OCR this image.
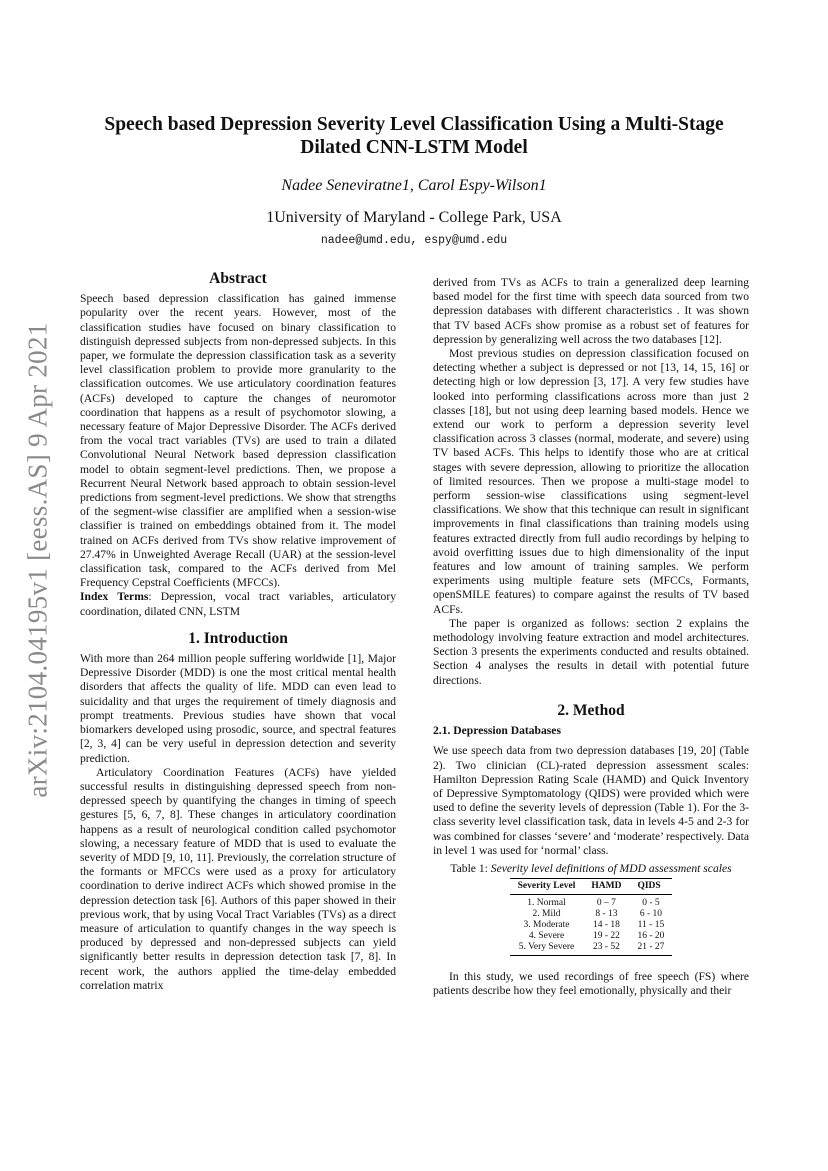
arXiv:2104.04195v1 [eess.AS] 9 Apr 2021
Speech based Depression Severity Level Classification Using a Multi-Stage Dilated CNN-LSTM Model
Nadee Seneviratne1, Carol Espy-Wilson1
1University of Maryland - College Park, USA
nadee@umd.edu, espy@umd.edu

Abstract

Speech based depression classification has gained immense popularity over the recent years. However, most of the classification studies have focused on binary classification to distinguish depressed subjects from non-depressed subjects. In this paper, we formulate the depression classification task as a severity level classification problem to provide more granularity to the classification outcomes. We use articulatory coordination features (ACFs) developed to capture the changes of neuromotor coordination that happens as a result of psychomotor slowing, a necessary feature of Major Depressive Disorder. The ACFs derived from the vocal tract variables (TVs) are used to train a dilated Convolutional Neural Network based depression classification model to obtain segment-level predictions. Then, we propose a Recurrent Neural Network based approach to obtain session-level predictions from segment-level predictions. We show that strengths of the segment-wise classifier are amplified when a session-wise classifier is trained on embeddings obtained from it. The model trained on ACFs derived from TVs show relative improvement of 27.47% in Unweighted Average Recall (UAR) at the session-level classification task, compared to the ACFs derived from Mel Frequency Cepstral Coefficients (MFCCs).

Index Terms: Depression, vocal tract variables, articulatory coordination, dilated CNN, LSTM

1. Introduction

With more than 264 million people suffering worldwide [1], Major Depressive Disorder (MDD) is one the most critical mental health disorders that affects the quality of life. MDD can even lead to suicidality and that urges the requirement of timely diagnosis and prompt treatments. Previous studies have shown that vocal biomarkers developed using prosodic, source, and spectral features [2, 3, 4] can be very useful in depression detection and severity prediction.

Articulatory Coordination Features (ACFs) have yielded successful results in distinguishing depressed speech from non-depressed speech by quantifying the changes in timing of speech gestures [5, 6, 7, 8]. These changes in articulatory coordination happens as a result of neurological condition called psychomotor slowing, a necessary feature of MDD that is used to evaluate the severity of MDD [9, 10, 11]. Previously, the correlation structure of the formants or MFCCs were used as a proxy for articulatory coordination to derive indirect ACFs which showed promise in the depression detection task [6]. Authors of this paper showed in their previous work, that by using Vocal Tract Variables (TVs) as a direct measure of articulation to quantify changes in the way speech is produced by depressed and non-depressed subjects can yield significantly better results in depression detection task [7, 8]. In recent work, the authors applied the time-delay embedded correlation matrix

derived from TVs as ACFs to train a generalized deep learning based model for the first time with speech data sourced from two depression databases with different characteristics . It was shown that TV based ACFs show promise as a robust set of features for depression by generalizing well across the two databases [12].

Most previous studies on depression classification focused on detecting whether a subject is depressed or not [13, 14, 15, 16] or detecting high or low depression [3, 17]. A very few studies have looked into performing classifications across more than just 2 classes [18], but not using deep learning based models. Hence we extend our work to perform a depression severity level classification across 3 classes (normal, moderate, and severe) using TV based ACFs. This helps to identify those who are at critical stages with severe depression, allowing to prioritize the allocation of limited resources. Then we propose a multi-stage model to perform session-wise classifications using segment-level classifications. We show that this technique can result in significant improvements in final classifications than training models using features extracted directly from full audio recordings by helping to avoid overfitting issues due to high dimensionality of the input features and low amount of training samples. We perform experiments using multiple feature sets (MFCCs, Formants, openSMILE features) to compare against the results of TV based ACFs.

The paper is organized as follows: section 2 explains the methodology involving feature extraction and model architectures. Section 3 presents the experiments conducted and results obtained. Section 4 analyses the results in detail with potential future directions.

2. Method

2.1. Depression Databases

We use speech data from two depression databases [19, 20] (Table 2). Two clinician (CL)-rated depression assessment scales: Hamilton Depression Rating Scale (HAMD) and Quick Inventory of Depressive Symptomatology (QIDS) were provided which were used to define the severity levels of depression (Table 1). For the 3-class severity level classification task, data in levels 4-5 and 2-3 for was combined for classes ‘severe’ and ‘moderate’ respectively. Data in level 1 was used for ‘normal’ class.

Table 1: Severity level definitions of MDD assessment scales
Severity Level	HAMD	QIDS
1. Normal	0 – 7	0 - 5
2. Mild	8 - 13	6 - 10
3. Moderate	14 - 18	11 - 15
4. Severe	19 - 22	16 - 20
5. Very Severe	23 - 52	21 - 27

In this study, we used recordings of free speech (FS) where patients describe how they feel emotionally, physically and their
